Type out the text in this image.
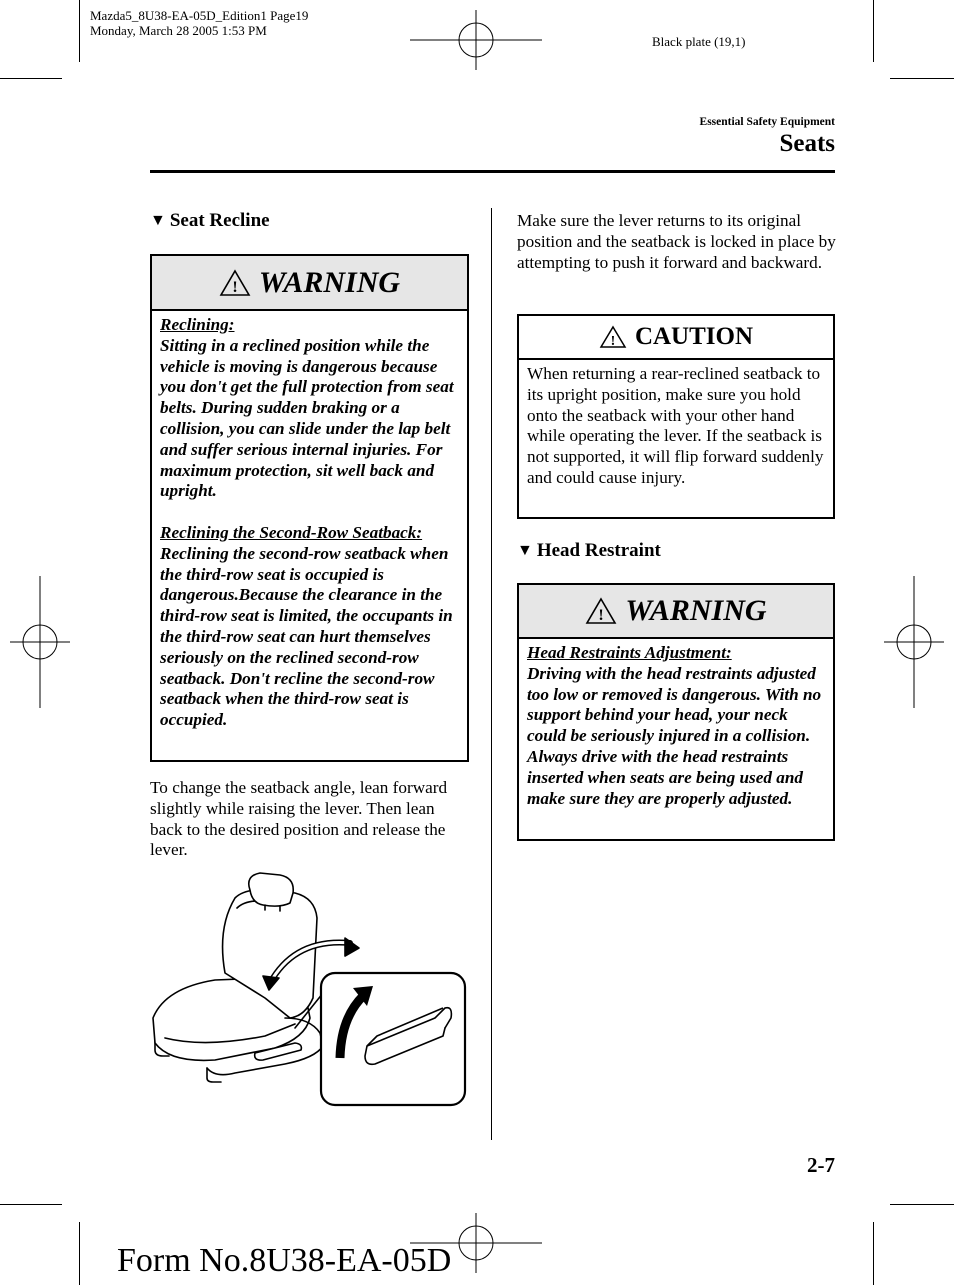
Mazda5_8U38-EA-05D_Edition1 Page19
Monday, March 28 2005 1:53 PM
Black plate (19,1)
Essential Safety Equipment
Seats
▼ Seat Recline
! WARNING
Reclining:
Sitting in a reclined position while the vehicle is moving is dangerous because you don't get the full protection from seat belts. During sudden braking or a collision, you can slide under the lap belt and suffer serious internal injuries. For maximum protection, sit well back and upright.
Reclining the Second-Row Seatback:
Reclining the second-row seatback when the third-row seat is occupied is dangerous.Because the clearance in the third-row seat is limited, the occupants in the third-row seat can hurt themselves seriously on the reclined second-row seatback. Don't recline the second-row seatback when the third-row seat is occupied.
To change the seatback angle, lean forward slightly while raising the lever. Then lean back to the desired position and release the lever.
Make sure the lever returns to its original position and the seatback is locked in place by attempting to push it forward and backward.
! CAUTION
When returning a rear-reclined seatback to its upright position, make sure you hold onto the seatback with your other hand while operating the lever. If the seatback is not supported, it will flip forward suddenly and could cause injury.
▼ Head Restraint
! WARNING
Head Restraints Adjustment:
Driving with the head restraints adjusted too low or removed is dangerous. With no support behind your head, your neck could be seriously injured in a collision. Always drive with the head restraints inserted when seats are being used and make sure they are properly adjusted.
2-7
Form No.8U38-EA-05D
